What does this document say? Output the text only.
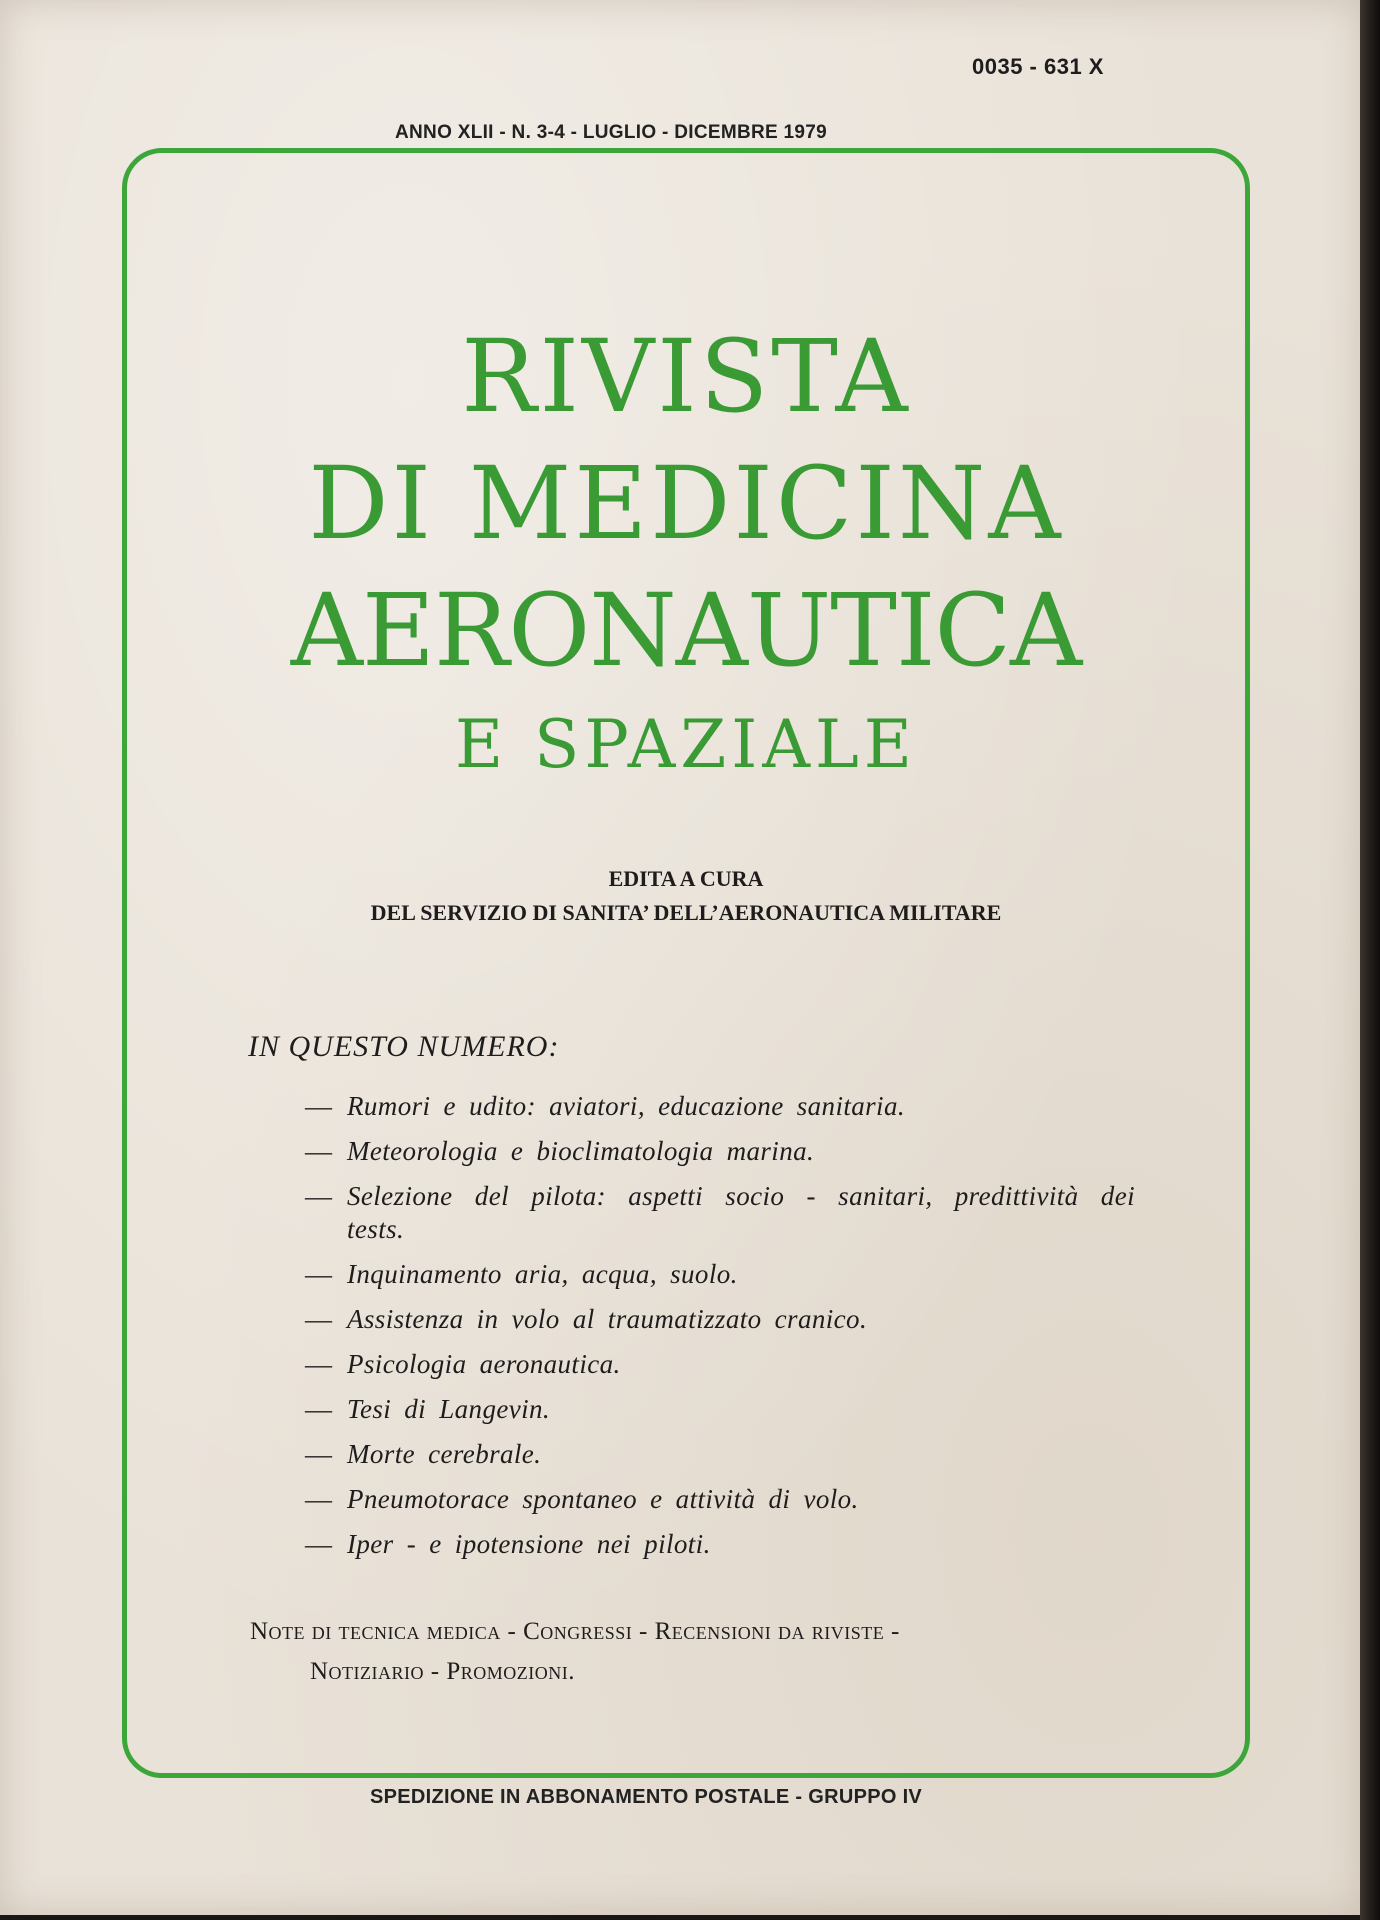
0035 - 631 X
ANNO XLII - N. 3-4 - LUGLIO - DICEMBRE 1979
RIVISTA
DI MEDICINA
AERONAUTICA
E SPAZIALE
EDITA A CURA
DEL SERVIZIO DI SANITA’ DELL’AERONAUTICA MILITARE
IN QUESTO NUMERO:
— Rumori e udito: aviatori, educazione sanitaria.
— Meteorologia e bioclimatologia marina.
— Selezione del pilota: aspetti socio - sanitari, predittività dei tests.
— Inquinamento aria, acqua, suolo.
— Assistenza in volo al traumatizzato cranico.
— Psicologia aeronautica.
— Tesi di Langevin.
— Morte cerebrale.
— Pneumotorace spontaneo e attività di volo.
— Iper - e ipotensione nei piloti.
Note di tecnica medica - Congressi - Recensioni da riviste -
Notiziario - Promozioni.
SPEDIZIONE IN ABBONAMENTO POSTALE - GRUPPO IV
